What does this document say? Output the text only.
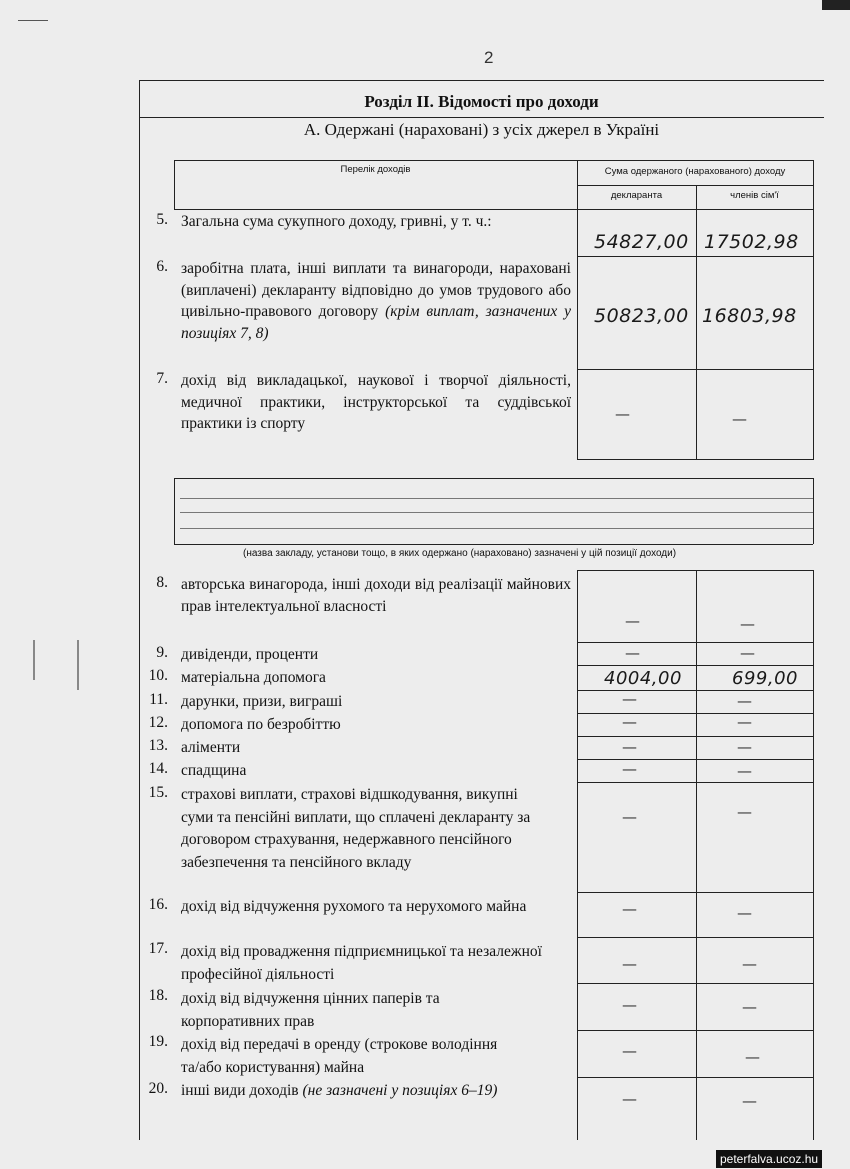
2
Розділ II. Відомості про доходи
А. Одержані (нараховані) з усіх джерел в Україні
Перелік доходів	Сума одержаного (нарахованого) доходу
декларанта	членів сім'ї
5. Загальна сума сукупного доходу, гривні, у т. ч.:
54827,00 17502,98
6. заробітна плата, інші виплати та винагороди, нараховані (виплачені) декларанту відповідно до умов трудового або цивільно-правового договору (крім виплат, зазначених у позиціях 7, 8)
50823,00 16803,98
7. дохід від викладацької, наукової і творчої діяльності, медичної практики, інструкторської та суддівської практики із спорту
—	—
(назва закладу, установи тощо, в яких одержано (нараховано) зазначені у цій позиції доходи)
8. авторська винагорода, інші доходи від реалізації майнових прав інтелектуальної власності
—	—
9. дивіденди, проценти	—	—
10. матеріальна допомога	4004,00	699,00
11. дарунки, призи, виграші	—	—
12. допомога по безробіттю	—	—
13. аліменти	—	—
14. спадщина	—	—
15. страхові виплати, страхові відшкодування, викупні суми та пенсійні виплати, що сплачені декларанту за договором страхування, недержавного пенсійного забезпечення та пенсійного вкладу
—	—
16. дохід від відчуження рухомого та нерухомого майна	—	—
17. дохід від провадження підприємницької та незалежної професійної діяльності
—	—
18. дохід від відчуження цінних паперів та корпоративних прав
—	—
19. дохід від передачі в оренду (строкове володіння та/або користування) майна
—	—
20. інші види доходів (не зазначені у позиціях 6–19)	—	—
peterfalva.ucoz.hu
